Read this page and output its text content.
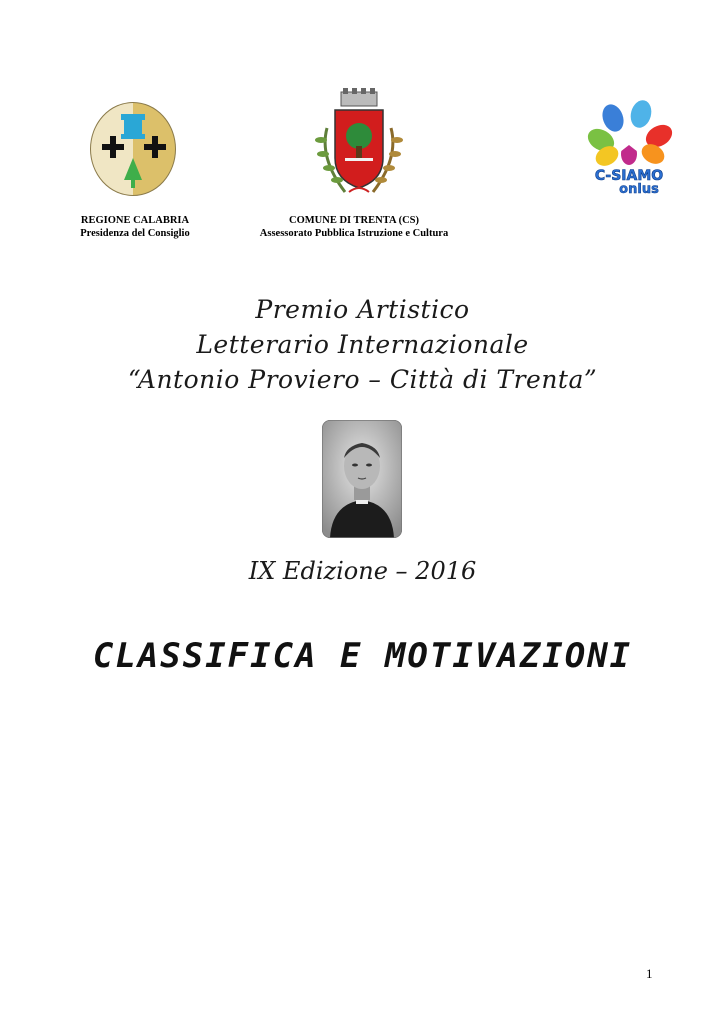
C-SIAMO
onlus
REGIONE CALABRIA
Presidenza del Consiglio
COMUNE DI TRENTA (CS)
Assessorato Pubblica Istruzione e Cultura
Premio Artistico
Letterario Internazionale
“Antonio Proviero – Città di Trenta”
IX Edizione – 2016
CLASSIFICA E MOTIVAZIONI
1
